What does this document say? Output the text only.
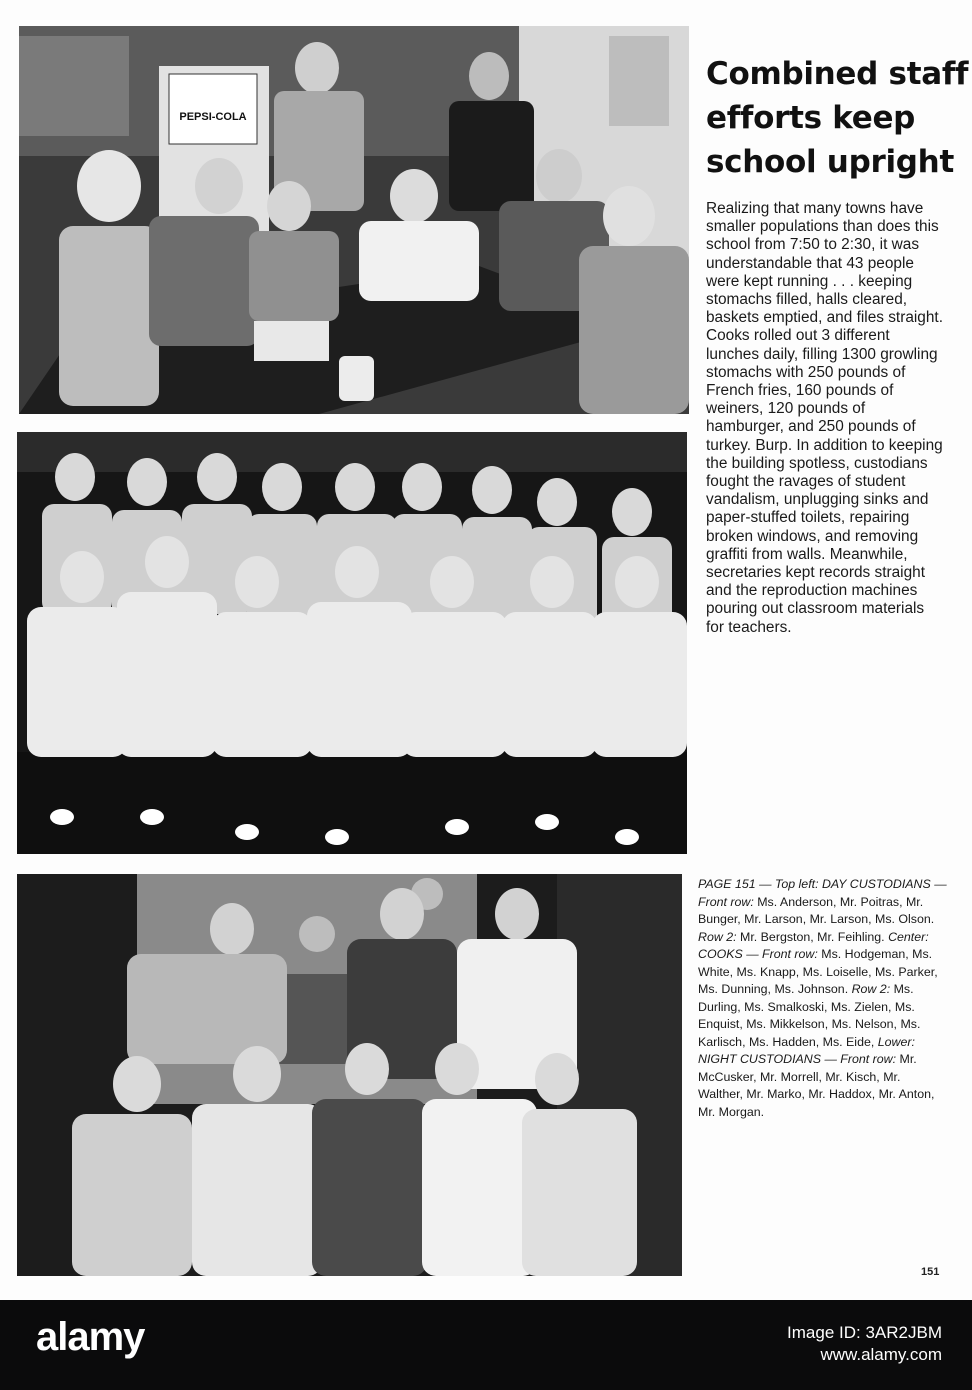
PEPSI-COLA
Combined staff
efforts keep
school upright
Realizing that many towns have smaller populations than does this school from 7:50 to 2:30, it was understandable that 43 people were kept running . . . keeping stomachs filled, halls cleared, baskets emptied, and files straight. Cooks rolled out 3 different lunches daily, filling 1300 growling stomachs with 250 pounds of French fries, 160 pounds of weiners, 120 pounds of hamburger, and 250 pounds of turkey. Burp. In addition to keeping the building spotless, custodians fought the ravages of student vandalism, unplugging sinks and paper-stuffed toilets, repairing broken windows, and removing graffiti from walls. Meanwhile, secretaries kept records straight and the reproduction machines pouring out classroom materials for teachers.
PAGE 151 — Top left: DAY CUSTODIANS — Front row: Ms. Anderson, Mr. Poitras, Mr. Bunger, Mr. Larson, Mr. Larson, Ms. Olson. Row 2: Mr. Bergston, Mr. Feihling. Center: COOKS — Front row: Ms. Hodgeman, Ms. White, Ms. Knapp, Ms. Loiselle, Ms. Parker, Ms. Dunning, Ms. Johnson. Row 2: Ms. Durling, Ms. Smalkoski, Ms. Zielen, Ms. Enquist, Ms. Mikkelson, Ms. Nelson, Ms. Karlisch, Ms. Hadden, Ms. Eide, Lower: NIGHT CUSTODIANS — Front row: Mr. McCusker, Mr. Morrell, Mr. Kisch, Mr. Walther, Mr. Marko, Mr. Haddox, Mr. Anton, Mr. Morgan.
151
alamy	Image ID: 3AR2JBM
www.alamy.com
